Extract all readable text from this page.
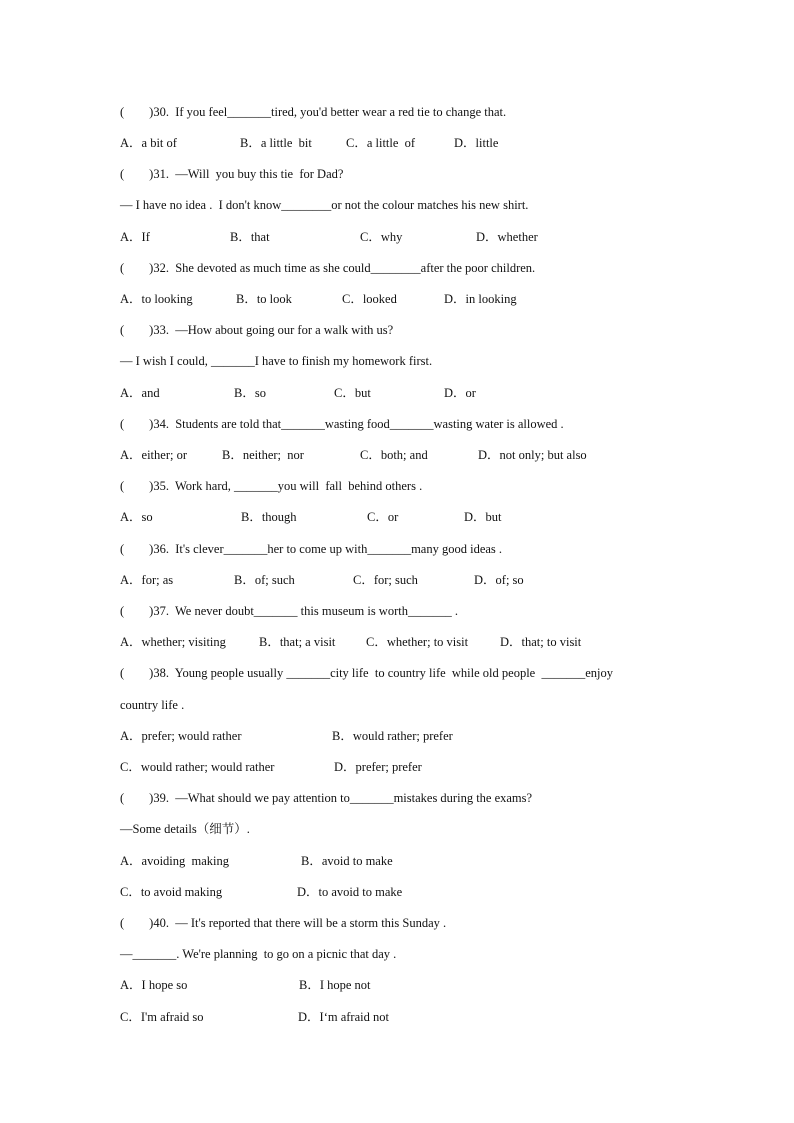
(        )30.  If you feel_______tired, you'd better wear a red tie to change that.
A．a bit of	B．a little  bit	C．a little  of	D．little
(        )31.  —Will  you buy this tie  for Dad?
— I have no idea .  I don't know________or not the colour matches his new shirt.
A．If	B．that	C．why	D．whether
(        )32.  She devoted as much time as she could________after the poor children.
A．to looking	B．to look	C．looked	D．in looking
(        )33.  —How about going our for a walk with us?
— I wish I could, _______I have to finish my homework first.
A．and	B．so	C．but	D．or
(        )34.  Students are told that_______wasting food_______wasting water is allowed .
A．either; or	B．neither;  nor	C．both; and	D．not only; but also
(        )35.  Work hard, _______you will  fall  behind others .
A．so	B．though	C．or	D．but
(        )36.  It's clever_______her to come up with_______many good ideas .
A．for; as	B．of; such	C．for; such	D．of; so
(        )37.  We never doubt_______ this museum is worth_______ .
A．whether; visiting	B．that; a visit C．whether; to visit	D．that; to visit
(        )38.  Young people usually _______city life  to country life  while old people  _______enjoy
country life .
A．prefer; would rather	B．would rather; prefer
C．would rather; would rather	D．prefer; prefer
(        )39.  —What should we pay attention to_______mistakes during the exams?
—Some details（细节）.
A．avoiding  making	B．avoid to make
C．to avoid making	D．to avoid to make
(        )40.  — It's reported that there will be a storm this Sunday .
—_______. We're planning  to go on a picnic that day .
A．I hope so	B．I hope not
C．I'm afraid so	D．I‘m afraid not
